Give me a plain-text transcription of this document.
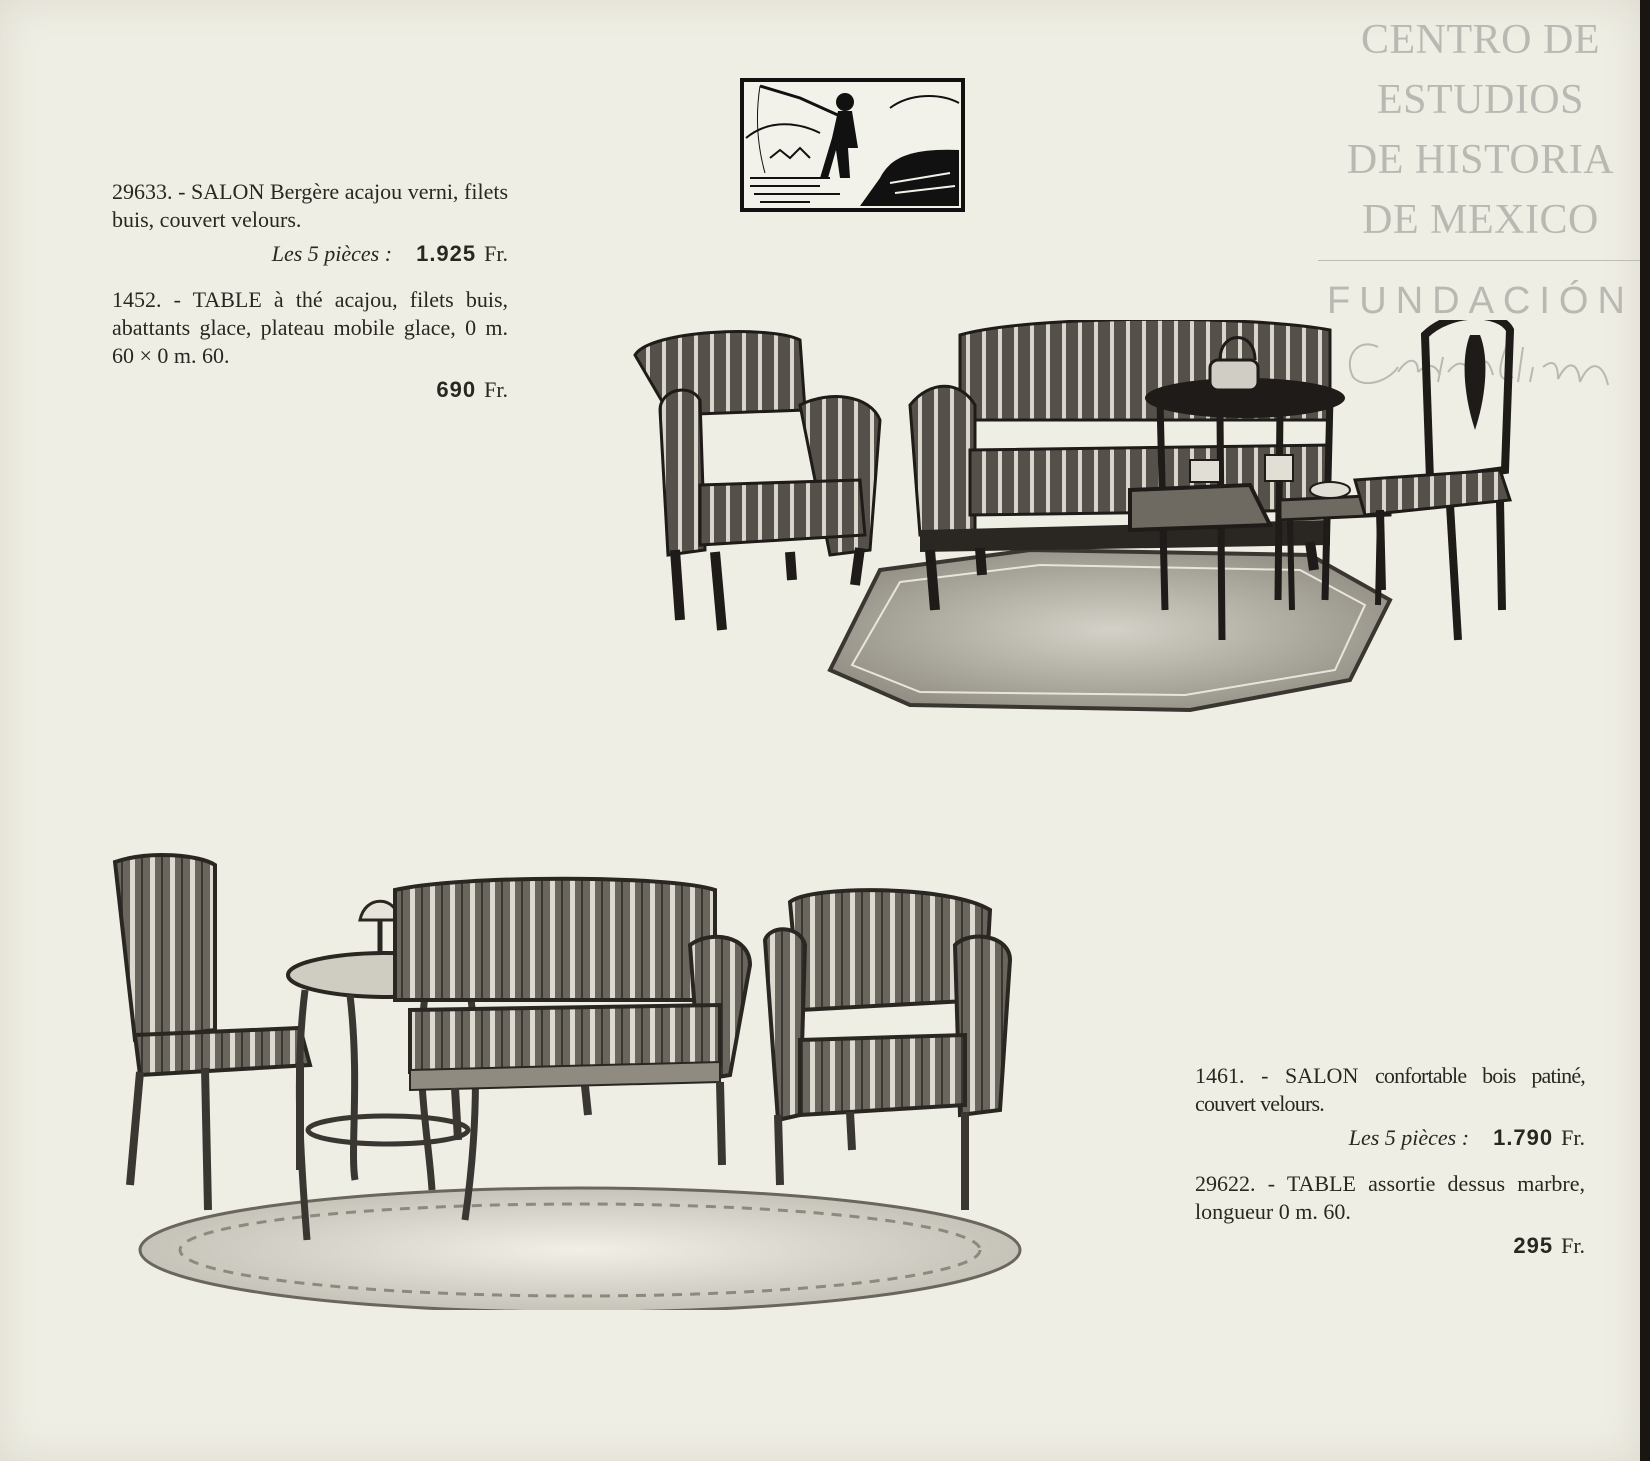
CENTRO DE
ESTUDIOS
DE HISTORIA
DE MEXICO
FUNDACIÓN
29633. - SALON Bergère acajou verni, filets buis, couvert velours.
Les 5 pièces : 1.925 Fr.
1452. - TABLE à thé acajou, filets buis, abattants glace, plateau mobile glace, 0 m. 60 × 0 m. 60.
690 Fr.
1461. - SALON confortable bois patiné, couvert velours.
Les 5 pièces : 1.790 Fr.
29622. - TABLE assortie dessus marbre, longueur 0 m. 60.
295 Fr.
